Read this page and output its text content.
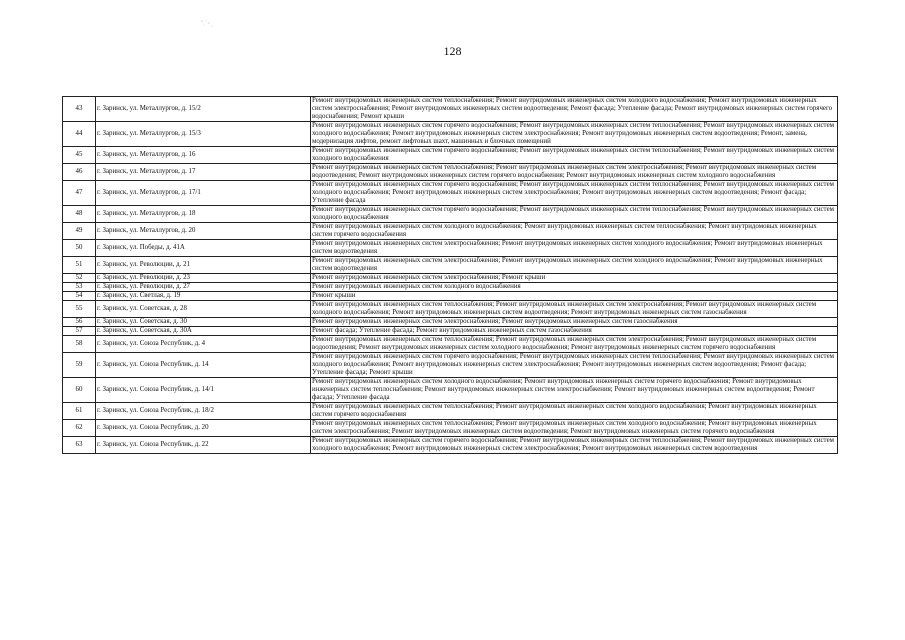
128
43	г. Заринск, ул. Металлургов, д. 15/2	Ремонт внутридомовых инженерных систем теплоснабжения; Ремонт внутридомовых инженерных систем холодного водоснабжения; Ремонт внутридомовых инженерных систем электроснабжения; Ремонт внутридомовых инженерных систем водоотведения; Ремонт фасада; Утепление фасада; Ремонт внутридомовых инженерных систем горячего водоснабжения; Ремонт крыши
44	г. Заринск, ул. Металлургов, д. 15/3	Ремонт внутридомовых инженерных систем горячего водоснабжения; Ремонт внутридомовых инженерных систем теплоснабжения; Ремонт внутридомовых инженерных систем холодного водоснабжения; Ремонт внутридомовых инженерных систем электроснабжения; Ремонт внутридомовых инженерных систем водоотведения; Ремонт, замена, модернизация лифтов, ремонт лифтовых шахт, машинных и блочных помещений
45	г. Заринск, ул. Металлургов, д. 16	Ремонт внутридомовых инженерных систем горячего водоснабжения; Ремонт внутридомовых инженерных систем теплоснабжения; Ремонт внутридомовых инженерных систем холодного водоснабжения
46	г. Заринск, ул. Металлургов, д. 17	Ремонт внутридомовых инженерных систем теплоснабжения; Ремонт внутридомовых инженерных систем электроснабжения; Ремонт внутридомовых инженерных систем водоотведения; Ремонт внутридомовых инженерных систем горячего водоснабжения; Ремонт внутридомовых инженерных систем холодного водоснабжения
47	г. Заринск, ул. Металлургов, д. 17/1	Ремонт внутридомовых инженерных систем горячего водоснабжения; Ремонт внутридомовых инженерных систем теплоснабжения; Ремонт внутридомовых инженерных систем холодного водоснабжения; Ремонт внутридомовых инженерных систем электроснабжения; Ремонт внутридомовых инженерных систем водоотведения; Ремонт фасада; Утепление фасада
48	г. Заринск, ул. Металлургов, д. 18	Ремонт внутридомовых инженерных систем горячего водоснабжения; Ремонт внутридомовых инженерных систем теплоснабжения; Ремонт внутридомовых инженерных систем холодного водоснабжения
49	г. Заринск, ул. Металлургов, д. 20	Ремонт внутридомовых инженерных систем холодного водоснабжения; Ремонт внутридомовых инженерных систем теплоснабжения; Ремонт внутридомовых инженерных систем горячего водоснабжения
50	г. Заринск, ул. Победы, д. 41А	Ремонт внутридомовых инженерных систем электроснабжения; Ремонт внутридомовых инженерных систем холодного водоснабжения; Ремонт внутридомовых инженерных систем водоотведения
51	г. Заринск, ул. Революции, д. 21	Ремонт внутридомовых инженерных систем электроснабжения; Ремонт внутридомовых инженерных систем холодного водоснабжения; Ремонт внутридомовых инженерных систем водоотведения
52	г. Заринск, ул. Революции, д. 23	Ремонт внутридомовых инженерных систем электроснабжения; Ремонт крыши
53	г. Заринск, ул. Революции, д. 27	Ремонт внутридомовых инженерных систем холодного водоснабжения
54	г. Заринск, ул. Светлая, д. 19	Ремонт крыши
55	г. Заринск, ул. Советская, д. 28	Ремонт внутридомовых инженерных систем теплоснабжения; Ремонт внутридомовых инженерных систем электроснабжения; Ремонт внутридомовых инженерных систем холодного водоснабжения; Ремонт внутридомовых инженерных систем водоотведения; Ремонт внутридомовых инженерных систем газоснабжения
56	г. Заринск, ул. Советская, д. 30	Ремонт внутридомовых инженерных систем электроснабжения; Ремонт внутридомовых инженерных систем газоснабжения
57	г. Заринск, ул. Советская, д. 30А	Ремонт фасада; Утепление фасада; Ремонт внутридомовых инженерных систем газоснабжения
58	г. Заринск, ул. Союза Республик, д. 4	Ремонт внутридомовых инженерных систем теплоснабжения; Ремонт внутридомовых инженерных систем электроснабжения; Ремонт внутридомовых инженерных систем водоотведения; Ремонт внутридомовых инженерных систем холодного водоснабжения; Ремонт внутридомовых инженерных систем горячего водоснабжения
59	г. Заринск, ул. Союза Республик, д. 14	Ремонт внутридомовых инженерных систем горячего водоснабжения; Ремонт внутридомовых инженерных систем теплоснабжения; Ремонт внутридомовых инженерных систем холодного водоснабжения; Ремонт внутридомовых инженерных систем электроснабжения; Ремонт внутридомовых инженерных систем водоотведения; Ремонт фасада; Утепление фасада; Ремонт крыши
60	г. Заринск, ул. Союза Республик, д. 14/1	Ремонт внутридомовых инженерных систем холодного водоснабжения; Ремонт внутридомовых инженерных систем горячего водоснабжения; Ремонт внутридомовых инженерных систем теплоснабжения; Ремонт внутридомовых инженерных систем электроснабжения; Ремонт внутридомовых инженерных систем водоотведения; Ремонт фасада; Утепление фасада
61	г. Заринск, ул. Союза Республик, д. 18/2	Ремонт внутридомовых инженерных систем теплоснабжения; Ремонт внутридомовых инженерных систем холодного водоснабжения; Ремонт внутридомовых инженерных систем горячего водоснабжения
62	г. Заринск, ул. Союза Республик, д. 20	Ремонт внутридомовых инженерных систем теплоснабжения; Ремонт внутридомовых инженерных систем холодного водоснабжения; Ремонт внутридомовых инженерных систем электроснабжения; Ремонт внутридомовых инженерных систем водоотведения; Ремонт внутридомовых инженерных систем горячего водоснабжения
63	г. Заринск, ул. Союза Республик, д. 22	Ремонт внутридомовых инженерных систем горячего водоснабжения; Ремонт внутридомовых инженерных систем теплоснабжения; Ремонт внутридомовых инженерных систем холодного водоснабжения; Ремонт внутридомовых инженерных систем электроснабжения; Ремонт внутридомовых инженерных систем водоотведения
